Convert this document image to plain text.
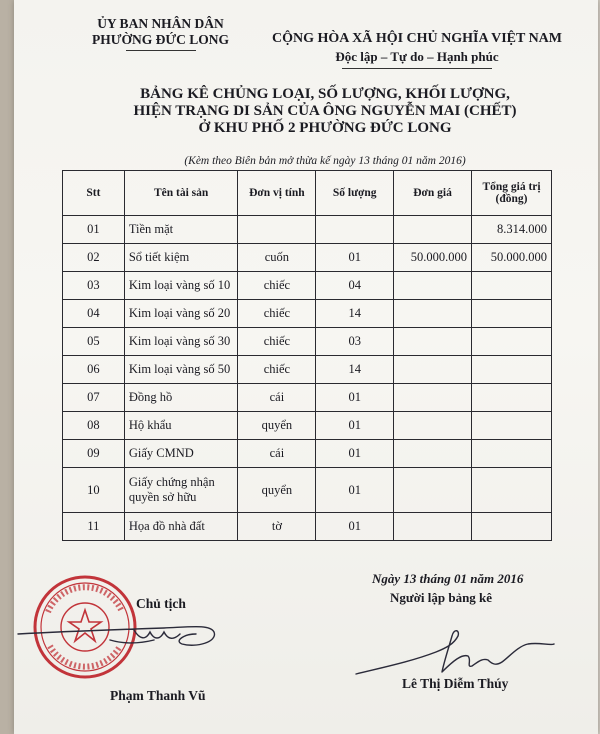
ỦY BAN NHÂN DÂN
PHƯỜNG ĐỨC LONG	CỘNG HÒA XÃ HỘI CHỦ NGHĨA VIỆT NAM
Độc lập – Tự do – Hạnh phúc
BẢNG KÊ CHỦNG LOẠI, SỐ LƯỢNG, KHỐI LƯỢNG,
HIỆN TRẠNG DI SẢN CỦA ÔNG NGUYỄN MAI (CHẾT)
Ở KHU PHỐ 2 PHƯỜNG ĐỨC LONG
(Kèm theo Biên bản mở thừa kế ngày 13 tháng 01 năm 2016)
Stt	Tên tài sản	Đơn vị tính	Số lượng	Đơn giá	Tổng giá trị (đồng)
01	Tiền mặt				8.314.000
02	Sổ tiết kiệm	cuốn	01	50.000.000	50.000.000
03	Kim loại vàng số 10	chiếc	04		
04	Kim loại vàng số 20	chiếc	14		
05	Kim loại vàng số 30	chiếc	03		
06	Kim loại vàng số 50	chiếc	14		
07	Đồng hồ	cái	01		
08	Hộ khẩu	quyển	01		
09	Giấy CMND	cái	01		
10	Giấy chứng nhận quyền sở hữu	quyển	01		
11	Họa đồ nhà đất	tờ	01		
Chủ tịch
Phạm Thanh Vũ
Ngày 13 tháng 01 năm 2016
Người lập bảng kê
Lê Thị Diễm Thúy
